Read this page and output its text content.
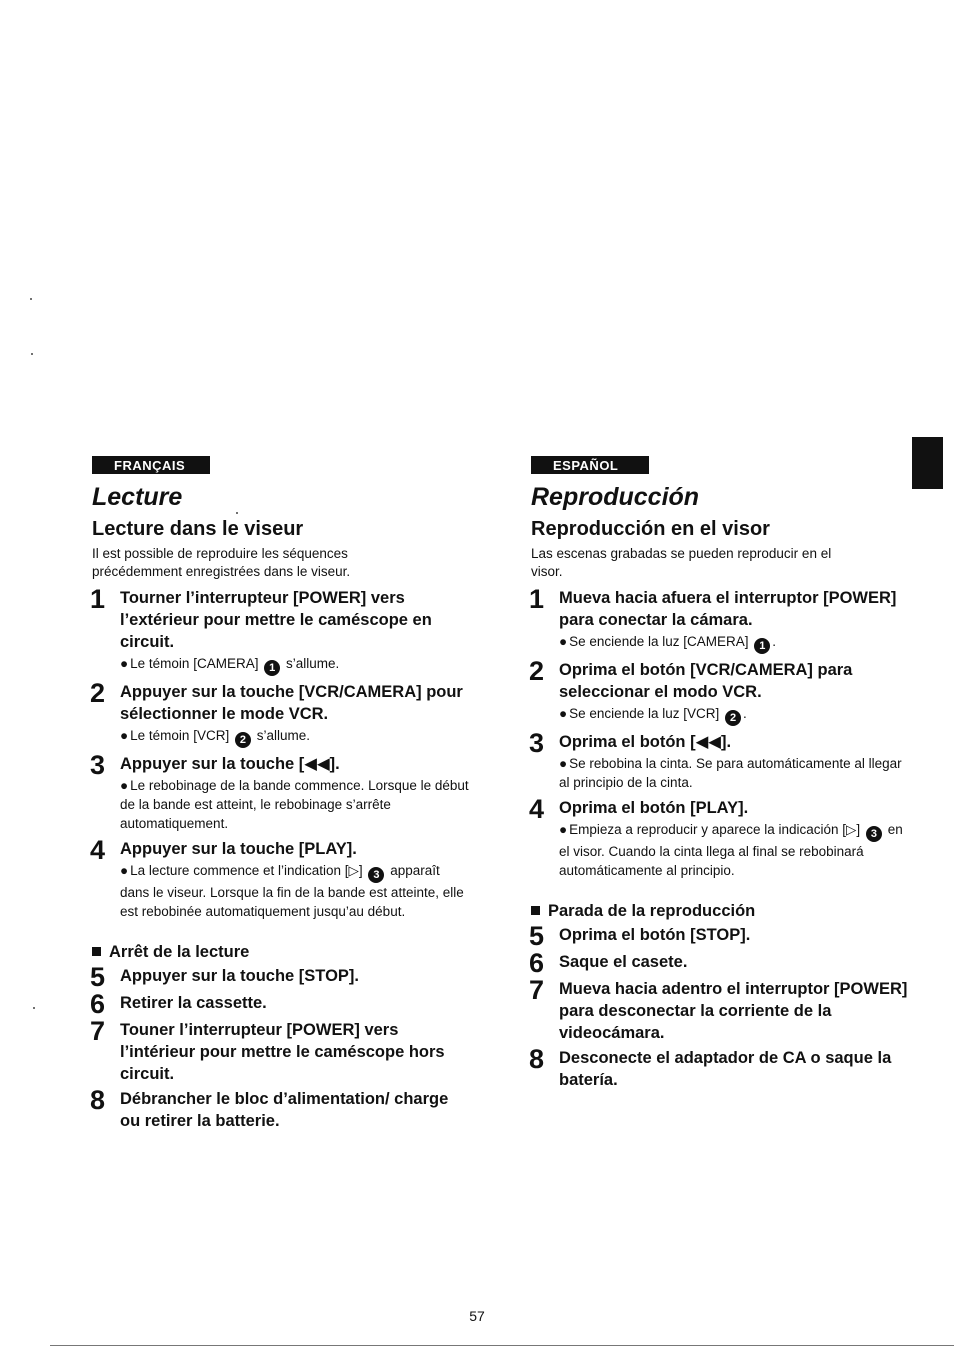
FRANÇAIS
Lecture
Lecture dans le viseur
Il est possible de reproduire les séquences
précédemment enregistrées dans le viseur.
1 Tourner l’interrupteur [POWER] vers l’extérieur pour mettre le caméscope en circuit.
● Le témoin [CAMERA] 1 s’allume.
2 Appuyer sur la touche [VCR/CAMERA] pour sélectionner le mode VCR.
● Le témoin [VCR] 2 s’allume.
3 Appuyer sur la touche [◀◀].
● Le rebobinage de la bande commence. Lorsque le début de la bande est atteint, le rebobinage s’arrête automatiquement.
4 Appuyer sur la touche [PLAY].
● La lecture commence et l’indication [▷] 3 apparaît dans le viseur. Lorsque la fin de la bande est atteinte, elle est rebobinée automatiquement jusqu’au début.
Arrêt de la lecture
5 Appuyer sur la touche [STOP].
6 Retirer la cassette.
7 Touner l’interrupteur [POWER] vers l’intérieur pour mettre le caméscope hors circuit.
8 Débrancher le bloc d’alimentation/ charge ou retirer la batterie.
ESPAÑOL
Reproducción
Reproducción en el visor
Las escenas grabadas se pueden reproducir en el
visor.
1 Mueva hacia afuera el interruptor [POWER] para conectar la cámara.
● Se enciende la luz [CAMERA] 1 .
2 Oprima el botón [VCR/CAMERA] para seleccionar el modo VCR.
● Se enciende la luz [VCR] 2 .
3 Oprima el botón [◀◀].
● Se rebobina la cinta. Se para automáticamente al llegar al principio de la cinta.
4 Oprima el botón [PLAY].
● Empieza a reproducir y aparece la indicación [▷] 3 en el visor. Cuando la cinta llega al final se rebobinará automáticamente al principio.
Parada de la reproducción
5 Oprima el botón [STOP].
6 Saque el casete.
7 Mueva hacia adentro el interruptor [POWER] para desconectar la corriente de la videocámara.
8 Desconecte el adaptador de CA o saque la batería.
57
